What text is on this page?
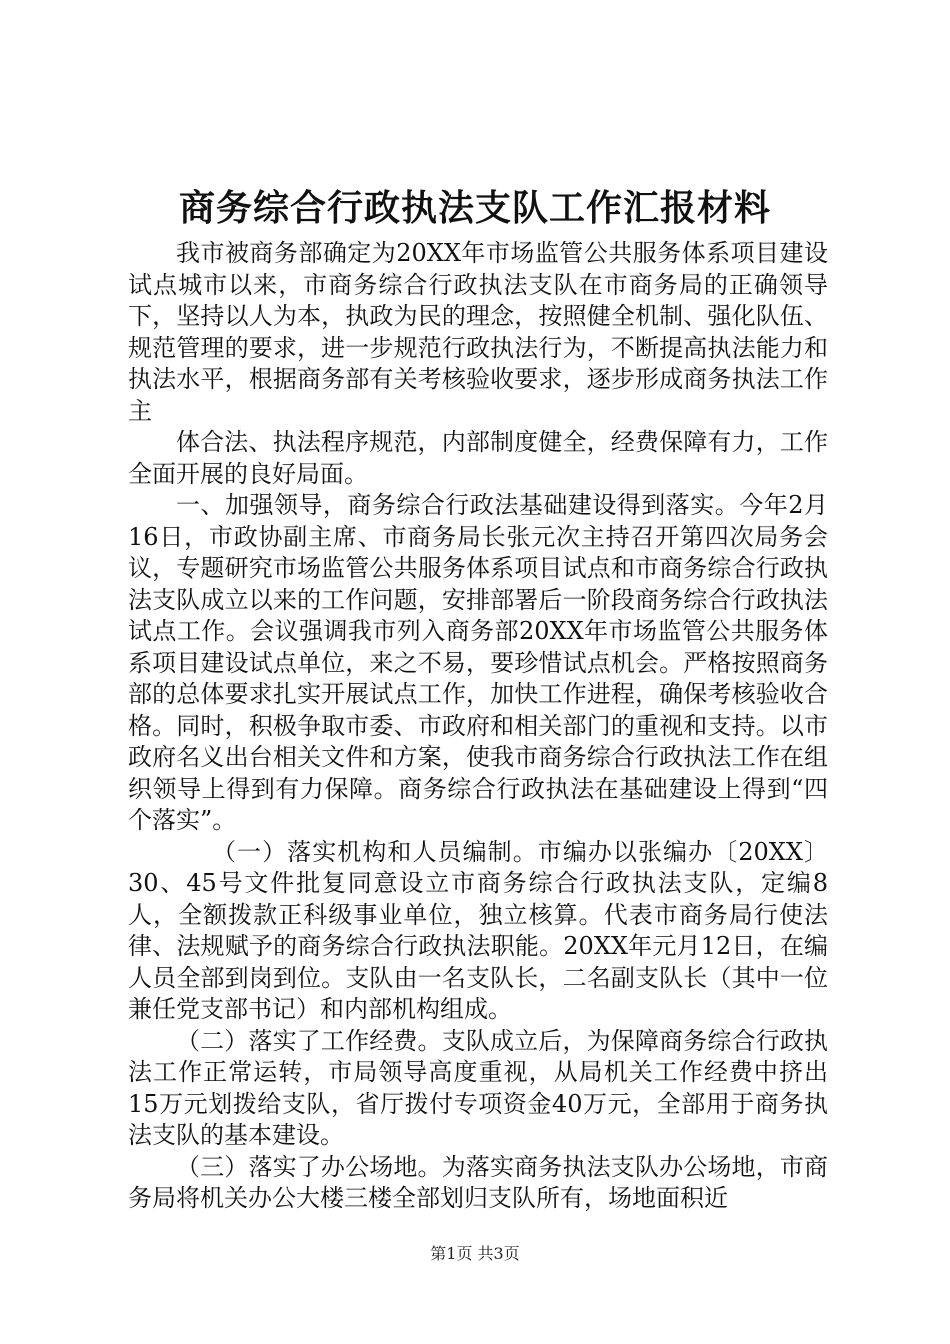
商务综合行政执法支队工作汇报材料

我市被商务部确定为20XX年市场监管公共服务体系项目建设试点城市以来，市商务综合行政执法支队在市商务局的正确领导下，坚持以人为本，执政为民的理念，按照健全机制、强化队伍、规范管理的要求，进一步规范行政执法行为，不断提高执法能力和执法水平，根据商务部有关考核验收要求，逐步形成商务执法工作主

体合法、执法程序规范，内部制度健全，经费保障有力，工作全面开展的良好局面。

一、加强领导，商务综合行政法基础建设得到落实。今年2月16日，市政协副主席、市商务局长张元次主持召开第四次局务会议，专题研究市场监管公共服务体系项目试点和市商务综合行政执法支队成立以来的工作问题，安排部署后一阶段商务综合行政执法试点工作。会议强调我市列入商务部20XX年市场监管公共服务体系项目建设试点单位，来之不易，要珍惜试点机会。严格按照商务部的总体要求扎实开展试点工作，加快工作进程，确保考核验收合格。同时，积极争取市委、市政府和相关部门的重视和支持。以市政府名义出台相关文件和方案，使我市商务综合行政执法工作在组织领导上得到有力保障。商务综合行政执法在基础建设上得到“四个落实”。

（一）落实机构和人员编制。市编办以张编办〔20XX〕30、45号文件批复同意设立市商务综合行政执法支队，定编8人，全额拨款正科级事业单位，独立核算。代表市商务局行使法律、法规赋予的商务综合行政执法职能。20XX年元月12日，在编人员全部到岗到位。支队由一名支队长，二名副支队长（其中一位兼任党支部书记）和内部机构组成。

（二）落实了工作经费。支队成立后，为保障商务综合行政执法工作正常运转，市局领导高度重视，从局机关工作经费中挤出15万元划拨给支队，省厅拨付专项资金40万元，全部用于商务执法支队的基本建设。

（三）落实了办公场地。为落实商务执法支队办公场地，市商务局将机关办公大楼三楼全部划归支队所有，场地面积近

第1页 共3页
